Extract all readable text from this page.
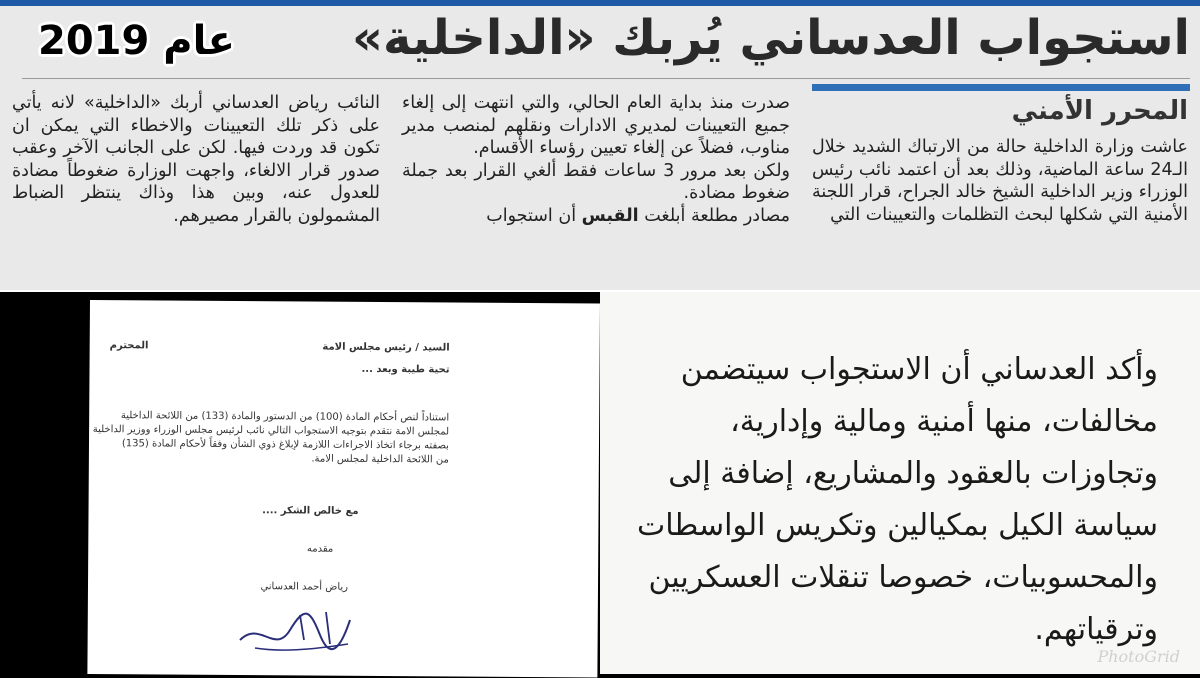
استجواب العدساني يُربك «الداخلية»
عام 2019
المحرر الأمني

عاشت وزارة الداخلية حالة من الارتباك الشديد خلال الـ24 ساعة الماضية، وذلك بعد أن اعتمد نائب رئيس الوزراء وزير الداخلية الشيخ خالد الجراح، قرار اللجنة الأمنية التي شكلها لبحث التظلمات والتعيينات التي

صدرت منذ بداية العام الحالي، والتي انتهت إلى إلغاء جميع التعيينات لمديري الادارات ونقلهم لمنصب مدير مناوب، فضلاً عن إلغاء تعيين رؤساء الأقسام.

ولكن بعد مرور 3 ساعات فقط ألغي القرار بعد جملة ضغوط مضادة.

مصادر مطلعة أبلغت القبس أن استجواب

النائب رياض العدساني أربك «الداخلية» لانه يأتي على ذكر تلك التعيينات والاخطاء التي يمكن ان تكون قد وردت فيها. لكن على الجانب الآخر وعقب صدور قرار الالغاء، واجهت الوزارة ضغوطاً مضادة للعدول عنه، وبين هذا وذاك ينتظر الضباط المشمولون بالقرار مصيرهم.

السيد / رئيس مجلس الامة
المحترم
تحية طيبة وبعد ...
استناداً لنص أحكام المادة (100) من الدستور والمادة (133) من اللائحة الداخلية
لمجلس الامة نتقدم بتوجيه الاستجواب التالي نائب لرئيس مجلس الوزراء ووزير الداخلية
بصفته برجاء اتخاذ الاجراءات اللازمة لإبلاغ ذوي الشأن وفقاً لأحكام المادة (135)
من اللائحة الداخلية لمجلس الامة.
مع خالص الشكر ....
مقدمه
رياض أحمد العدساني

وأكد العدساني أن الاستجواب سيتضمن

مخالفات، منها أمنية ومالية وإدارية،

وتجاوزات بالعقود والمشاريع، إضافة إلى

سياسة الكيل بمكيالين وتكريس الواسطات

والمحسوبيات، خصوصا تنقلات العسكريين

وترقياتهم.

PhotoGrid
